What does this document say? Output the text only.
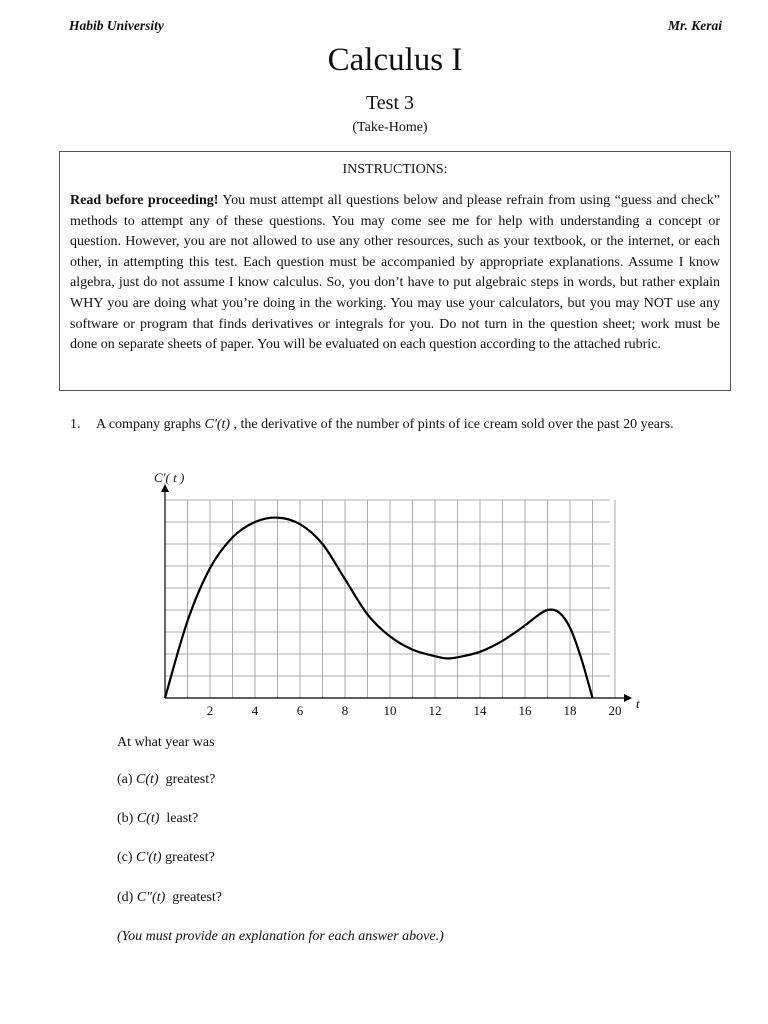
Habib University	Mr. Kerai
Calculus I
Test 3
(Take-Home)
INSTRUCTIONS:
Read before proceeding! You must attempt all questions below and please refrain from using “guess and check” methods to attempt any of these questions. You may come see me for help with understanding a concept or question. However, you are not allowed to use any other resources, such as your textbook, or the internet, or each other, in attempting this test. Each question must be accompanied by appropriate explanations. Assume I know algebra, just do not assume I know calculus. So, you don’t have to put algebraic steps in words, but rather explain WHY you are doing what you’re doing in the working. You may use your calculators, but you may NOT use any software or program that finds derivatives or integrals for you. Do not turn in the question sheet; work must be done on separate sheets of paper. You will be evaluated on each question according to the attached rubric.
1. A company graphs C'(t) , the derivative of the number of pints of ice cream sold over the past 20 years.
2	4	6	8	10 12 14 16 18 20
C′( t )
t
At what year was
(a) C(t) greatest?
(b) C(t) least?
(c) C'(t) greatest?
(d) C"(t) greatest?
(You must provide an explanation for each answer above.)
